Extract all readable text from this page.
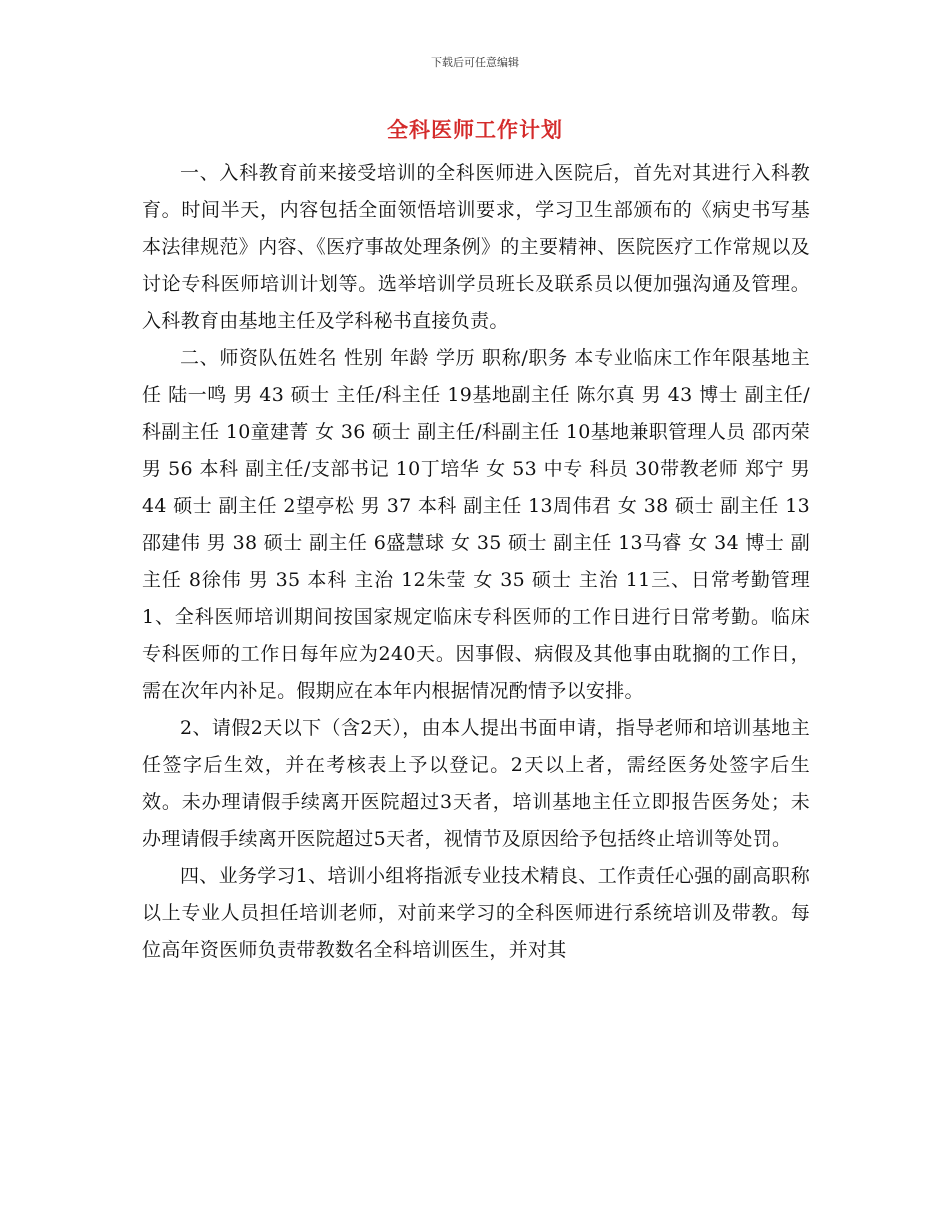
下载后可任意编辑
全科医师工作计划

一、入科教育前来接受培训的全科医师进入医院后，首先对其进行入科教育。时间半天，内容包括全面领悟培训要求，学习卫生部颁布的《病史书写基本法律规范》内容、《医疗事故处理条例》的主要精神、医院医疗工作常规以及讨论专科医师培训计划等。选举培训学员班长及联系员以便加强沟通及管理。入科教育由基地主任及学科秘书直接负责。

二、师资队伍姓名 性别 年龄 学历 职称/职务 本专业临床工作年限基地主任 陆一鸣 男 43 硕士 主任/科主任 19基地副主任 陈尔真 男 43 博士 副主任/科副主任 10童建菁 女 36 硕士 副主任/科副主任 10基地兼职管理人员 邵丙荣 男 56 本科 副主任/支部书记 10丁培华 女 53 中专 科员 30带教老师 郑宁 男 44 硕士 副主任 2望亭松 男 37 本科 副主任 13周伟君 女 38 硕士 副主任 13邵建伟 男 38 硕士 副主任 6盛慧球 女 35 硕士 副主任 13马睿 女 34 博士 副主任 8徐伟 男 35 本科 主治 12朱莹 女 35 硕士 主治 11三、日常考勤管理1、全科医师培训期间按国家规定临床专科医师的工作日进行日常考勤。临床专科医师的工作日每年应为240天。因事假、病假及其他事由耽搁的工作日，需在次年内补足。假期应在本年内根据情况酌情予以安排。

2、请假2天以下（含2天），由本人提出书面申请，指导老师和培训基地主任签字后生效，并在考核表上予以登记。2天以上者，需经医务处签字后生效。未办理请假手续离开医院超过3天者，培训基地主任立即报告医务处；未办理请假手续离开医院超过5天者，视情节及原因给予包括终止培训等处罚。

四、业务学习1、培训小组将指派专业技术精良、工作责任心强的副高职称以上专业人员担任培训老师，对前来学习的全科医师进行系统培训及带教。每位高年资医师负责带教数名全科培训医生，并对其
